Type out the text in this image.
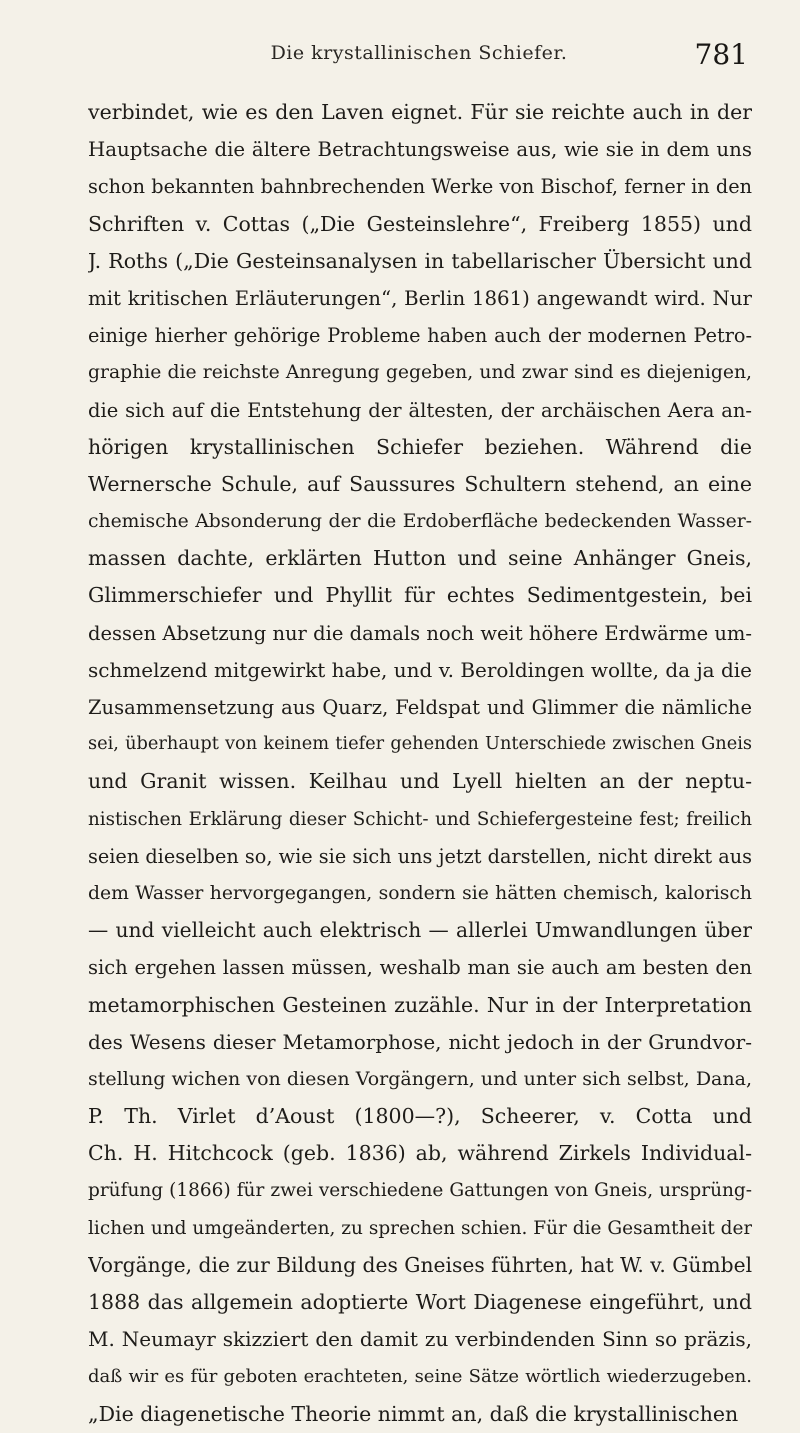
Die krystallinischen Schiefer.	781
verbindet, wie es den Laven eignet. Für sie reichte auch in der
Hauptsache die ältere Betrachtungsweise aus, wie sie in dem uns
schon bekannten bahnbrechenden Werke von Bischof, ferner in den
Schriften v. Cottas („Die Gesteinslehre“, Freiberg 1855) und
J. Roths („Die Gesteinsanalysen in tabellarischer Übersicht und
mit kritischen Erläuterungen“, Berlin 1861) angewandt wird. Nur
einige hierher gehörige Probleme haben auch der modernen Petro-
graphie die reichste Anregung gegeben, und zwar sind es diejenigen,
die sich auf die Entstehung der ältesten, der archäischen Aera an-
hörigen krystallinischen Schiefer beziehen. Während die
Wernersche Schule, auf Saussures Schultern stehend, an eine
chemische Absonderung der die Erdoberfläche bedeckenden Wasser-
massen dachte, erklärten Hutton und seine Anhänger Gneis,
Glimmerschiefer und Phyllit für echtes Sedimentgestein, bei
dessen Absetzung nur die damals noch weit höhere Erdwärme um-
schmelzend mitgewirkt habe, und v. Beroldingen wollte, da ja die
Zusammensetzung aus Quarz, Feldspat und Glimmer die nämliche
sei, überhaupt von keinem tiefer gehenden Unterschiede zwischen Gneis
und Granit wissen. Keilhau und Lyell hielten an der neptu-
nistischen Erklärung dieser Schicht- und Schiefergesteine fest; freilich
seien dieselben so, wie sie sich uns jetzt darstellen, nicht direkt aus
dem Wasser hervorgegangen, sondern sie hätten chemisch, kalorisch
— und vielleicht auch elektrisch — allerlei Umwandlungen über
sich ergehen lassen müssen, weshalb man sie auch am besten den
metamorphischen Gesteinen zuzähle. Nur in der Interpretation
des Wesens dieser Metamorphose, nicht jedoch in der Grundvor-
stellung wichen von diesen Vorgängern, und unter sich selbst, Dana,
P. Th. Virlet d’Aoust (1800—?), Scheerer, v. Cotta und
Ch. H. Hitchcock (geb. 1836) ab, während Zirkels Individual-
prüfung (1866) für zwei verschiedene Gattungen von Gneis, ursprüng-
lichen und umgeänderten, zu sprechen schien. Für die Gesamtheit der
Vorgänge, die zur Bildung des Gneises führten, hat W. v. Gümbel
1888 das allgemein adoptierte Wort Diagenese eingeführt, und
M. Neumayr skizziert den damit zu verbindenden Sinn so präzis,
daß wir es für geboten erachteten, seine Sätze wörtlich wiederzugeben.
„Die diagenetische Theorie nimmt an, daß die krystallinischen
